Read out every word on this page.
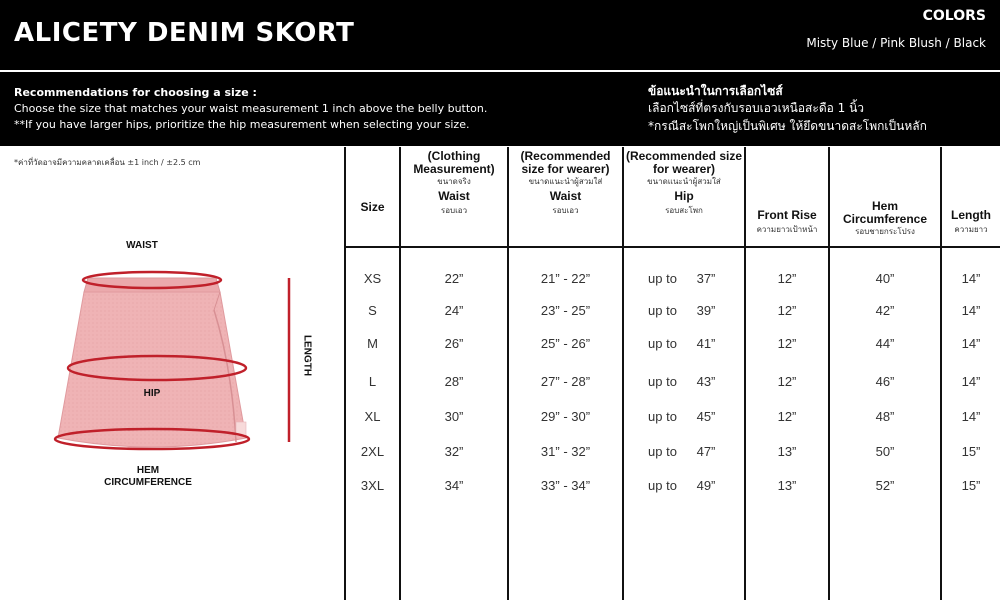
ALICETY DENIM SKORT
COLORS
Misty Blue / Pink Blush / Black
Recommendations for choosing a size :
Choose the size that matches your waist measurement 1 inch above the belly button.
**If you have larger hips, prioritize the hip measurement when selecting your size.
ข้อแนะนำในการเลือกไซส์
เลือกไซส์ที่ตรงกับรอบเอวเหนือสะดือ 1 นิ้ว
*กรณีสะโพกใหญ่เป็นพิเศษ ให้ยึดขนาดสะโพกเป็นหลัก
*ค่าที่วัดอาจมีความคลาดเคลื่อน ±1 inch / ±2.5 cm
WAIST
HIP
LENGTH
HEM
CIRCUMFERENCE
Size
(Clothing Measurement)
ขนาดจริง
Waist
รอบเอว
(Recommended size for wearer)
ขนาดแนะนำผู้สวมใส่
Waist
รอบเอว
(Recommended size for wearer)
ขนาดแนะนำผู้สวมใส่
Hip
รอบสะโพก	Front Rise
ความยาวเป้าหน้า
Hem Circumference
รอบชายกระโปรง
Length
ความยาว
XS	22”	21” - 22”	up to	37”	12”	40”	14”
S	24”	23” - 25”	up to	39”	12”	42”	14”
M	26”	25” - 26”	up to	41”	12”	44”	14”
L	28”	27” - 28”	up to	43”	12”	46”	14”
XL	30”	29” - 30”	up to	45”	12”	48”	14”
2XL	32”	31” - 32”	up to	47”	13”	50”	15”
3XL	34”	33” - 34”	up to	49”	13”	52”	15”
